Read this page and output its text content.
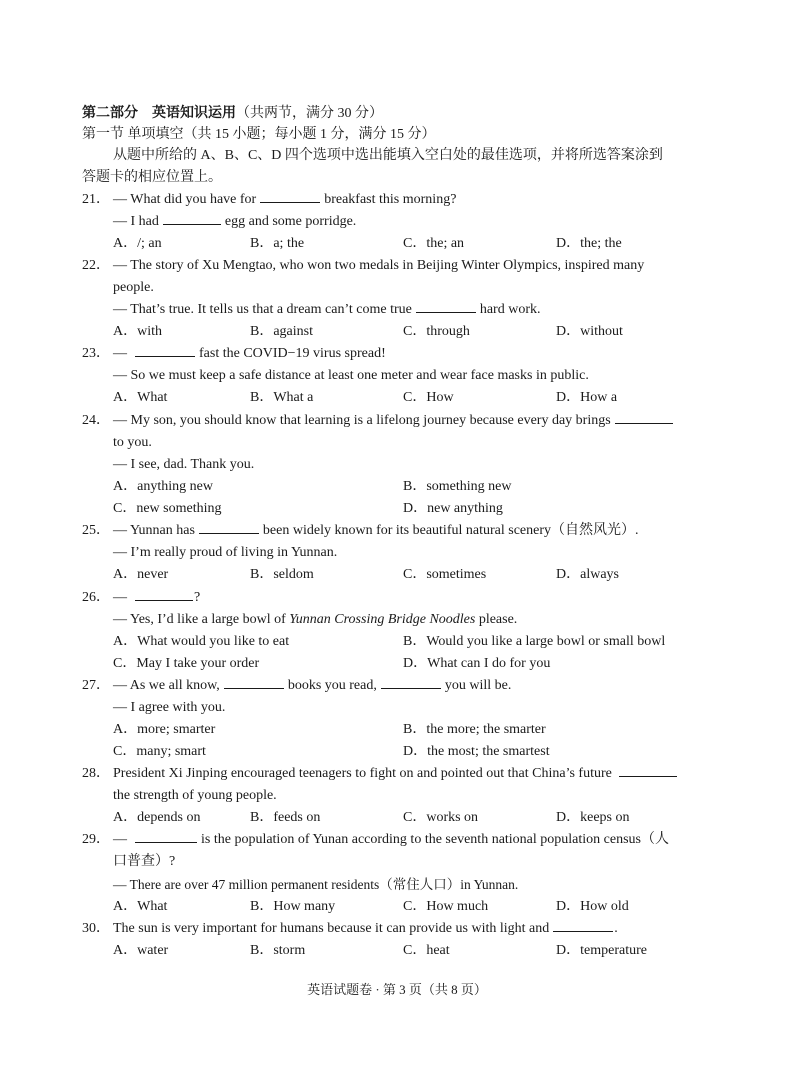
第二部分　英语知识运用（共两节，满分 30 分）
第一节 单项填空（共 15 小题；每小题 1 分，满分 15 分）
从题中所给的 A、B、C、D 四个选项中选出能填入空白处的最佳选项，并将所选答案涂到
答题卡的相应位置上。
21． — What did you have for	breakfast this morning?
— I had	egg and some porridge.
A．/; an	B．a; the	C．the; an	D．the; the
22． — The story of Xu Mengtao, who won two medals in Beijing Winter Olympics, inspired many
people.
— That’s true. It tells us that a dream can’t come true	hard work.
A．with	B．against	C．through	D．without
23． —	fast the COVID−19 virus spread!
— So we must keep a safe distance at least one meter and wear face masks in public.
A．What	B．What a	C．How	D．How a
24． — My son, you should know that learning is a lifelong journey because every day brings
to you.
— I see, dad. Thank you.
A．anything new	B．something new
C．new something	D．new anything
25． — Yunnan has	been widely known for its beautiful natural scenery（自然风光）.
— I’m really proud of living in Yunnan.
A．never	B．seldom	C．sometimes	D．always
26． —	?
— Yes, I’d like a large bowl of Yunnan Crossing Bridge Noodles please.
A．What would you like to eat	B．Would you like a large bowl or small bowl
C．May I take your order	D．What can I do for you
27． — As we all know,	books you read,	you will be.
— I agree with you.
A．more; smarter	B．the more; the smarter
C．many; smart	D．the most; the smartest
28． President Xi Jinping encouraged teenagers to fight on and pointed out that China’s future
the strength of young people.
A．depends on	B．feeds on	C．works on	D．keeps on
29． —	is the population of Yunan according to the seventh national population census（人
口普查）?
— There are over 47 million permanent residents（常住人口）in Yunnan.
A．What	B．How many	C．How much	D．How old
30． The sun is very important for humans because it can provide us with light and	.
A．water	B．storm	C．heat	D．temperature
英语试题卷 · 第 3 页（共 8 页）
